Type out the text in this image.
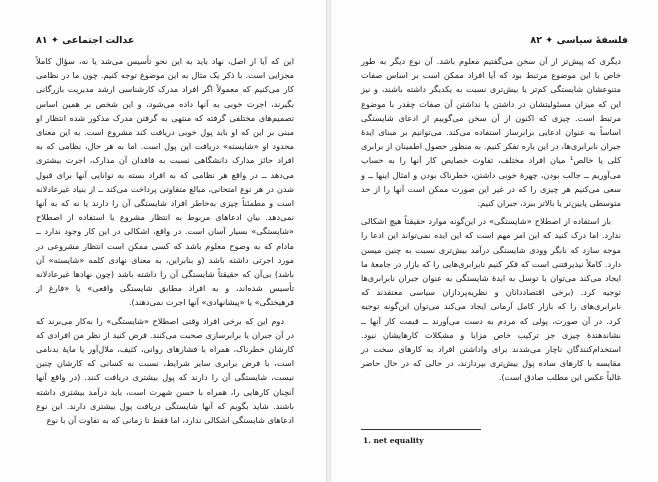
عدالت اجتماعی ✦ ۸۱

این که آیا از اصل، نهاد باید به این نحو تأسیس می‌شد یا نه، سؤال کاملاً مجزایی است. با ذکر یک مثال به این موضوع توجه کنیم. چون ما در نظامی کار می‌کنیم که معمولاً اگر افراد مدرک کارشناسی ارشد مدیریت بازرگانی بگیرند، اجرت خوبی به آنها داده می‌شود، و این شخص بر همین اساس تصمیم‌های مختلفی گرفته که منتهی به گرفتن مدرک مذکور شده انتظار او مبنی بر این که او باید پول خوبی دریافت کند مشروع است. به این معنای محدود او «شایسته» دریافت این پول است. اما به هر حال، نظامی که به افراد حائز مدارک دانشگاهی نسبت به فاقدان آن مدارک، اجرت بیشتری می‌دهد ــ در واقع هر نظامی که به افراد بسته به توانایی آنها برای قبول شدن در هر نوع امتحانی، مبالغ متفاوتی پرداخت می‌کند ــ از بنیاد غیرعادلانه است و مطمئناً چیزی به‌خاطر افراد شایستگی آن را دارند یا نه که به آنها نمی‌دهد. بیان ادعاهای مربوط به انتظار مشروع با استفاده از اصطلاح «شایستگی» بسیار آسان است. در واقع، اشکالی در این کار وجود ندارد ــ مادام که به وضوح معلوم باشد که کسی ممکن است انتظار مشروعی در مورد اجرتی داشته باشد (و بنابراین، به معنای نهادی کلمه «شایسته» آن باشد) بی‌آن که حقیقتاً شایستگی آن را داشته باشد (چون نهادها غیرعادلانه تأسیس شده‌اند، و به افراد مطابق شایستگی واقعی» یا «فارغ از فرهیختگی» یا «پیشانهادی» آنها اجرت نمی‌دهند).

دوم این که برخی افراد وقتی اصطلاح «شایستگی» را به‌کار می‌برند که در آن جبران یا برابرسازی صحبت می‌کنند. فرض کنید از نظر من افرادی که کارشان خطرناک، همراه با فشارهای روانی، کثیف، ملال‌آور یا مایهٔ بدنامی است، با فرض برابری سایر شرایط، نسبت به کسانی که کارشان چنین نیست، شایستگی آن را دارند که پول بیشتری دریافت کنند. (در واقع آنها آنچنان کارهایی را، همراه با حسن شهرت است، باید درآمد بیشتری داشته باشند. شاید بگویم که آنها شایستگی دریافت پول بیشتری دارند. این نوع ادعاهای شایستگی اشکالی ندارد، اما فقط تا زمانی که به تفاوت آن با نوع

۸۲ ✦ فلسفهٔ سیاسی

دیگری که پیش‌تر از آن سخن می‌گفتیم معلوم باشد. آن نوع دیگر به طور خاص با این موضوع مرتبط بود که آیا افراد ممکن است بر اساس صفات متنوعشان شایستگی کم‌تر یا بیش‌تری نسبت به یکدیگر داشته باشند، و نیز این که میزان مسئولیتشان در داشتن یا نداشتن آن صفات چقدر با موضوع مرتبط است. چیزی که اکنون از آن سخن می‌گوییم از ادعای شایستگی اساساً به عنوان ادعایی برابرساز استفاده می‌کند. می‌توانیم بر مبنای ایدهٔ جبران نابرابری‌ها، در این باره تفکر کنیم. به منظور حصول اطمینان از برابری کلی یا خالص¹ میان افراد مختلف، تفاوت خصایص کار آنها را به حساب می‌آوریم ــ جالب بودن، چهرهٔ خوبی داشتن، خطرناک بودن و امثال اینها ــ و سعی می‌کنیم هر چیزی را که در غیر این صورت ممکن است آنها را از حد متوسطی پایین‌تر یا بالاتر ببرد، جبران کنیم.

باز استفاده از اصطلاح «شایستگی» در این‌گونه موارد حقیقتاً هیچ اشکالی ندارد. اما درک کنید که این امر مهم است که این ایده نمی‌تواند این ادعا را موجه سازد که نابگر وودی شایستگی درآمد بیش‌تری نسبت به چنین میسن دارد. کاملاً نیذیرفتنی است که فکر کنیم نابرابری‌هایی را که بازار در جامعهٔ ما ایجاد می‌کند می‌توان با توسل به ایدهٔ شایستگی به عنوان جبران نابرابری‌ها توجیه کرد. (برخی اقتصاددانان و نظریه‌پردازان سیاسی معتقدند که نابرابری‌های را که بازار کامل آرمانی ایجاد می‌کند می‌توان این‌گونه توجیه کرد. در آن صورت، پولی که مردم به دست می‌آورند ــ قیمت کار آنها ــ نشاندهندهٔ چیزی جز ترکیب خاص مزایا و مشکلات کارهایشان نبود. استخدام‌کنندگان ناچار می‌شدند برای واداشتن افراد به کارهای سخت در مقایسه با کارهای ساده پول بیش‌تری بپردازند، در حالی که در حال حاضر غالباً عکس این مطلب صادق است).

1. net equality
